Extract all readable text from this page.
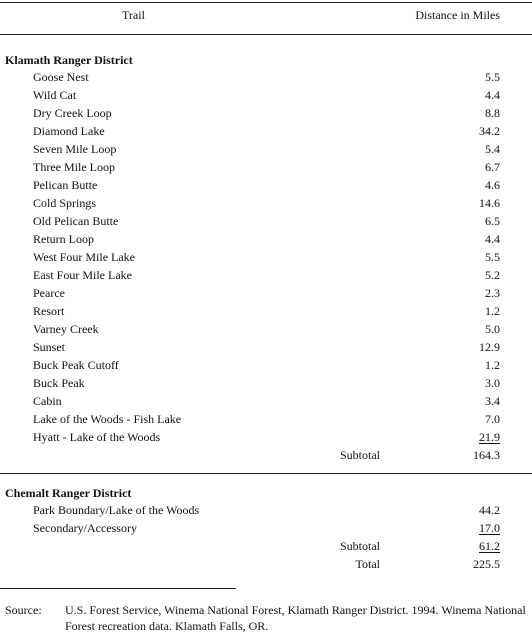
Trail	Distance in Miles
Klamath Ranger District
Goose Nest	5.5
Wild Cat	4.4
Dry Creek Loop	8.8
Diamond Lake	34.2
Seven Mile Loop	5.4
Three Mile Loop	6.7
Pelican Butte	4.6
Cold Springs	14.6
Old Pelican Butte	6.5
Return Loop	4.4
West Four Mile Lake	5.5
East Four Mile Lake	5.2
Pearce	2.3
Resort	1.2
Varney Creek	5.0
Sunset	12.9
Buck Peak Cutoff	1.2
Buck Peak	3.0
Cabin	3.4
Lake of the Woods - Fish Lake	7.0
Hyatt - Lake of the Woods	21.9
Subtotal	164.3
Chemalt Ranger District
Park Boundary/Lake of the Woods	44.2
Secondary/Accessory	17.0
Subtotal	61.2
Total	225.5
Source: U.S. Forest Service, Winema National Forest, Klamath Ranger District. 1994. Winema National Forest recreation data. Klamath Falls, OR.
